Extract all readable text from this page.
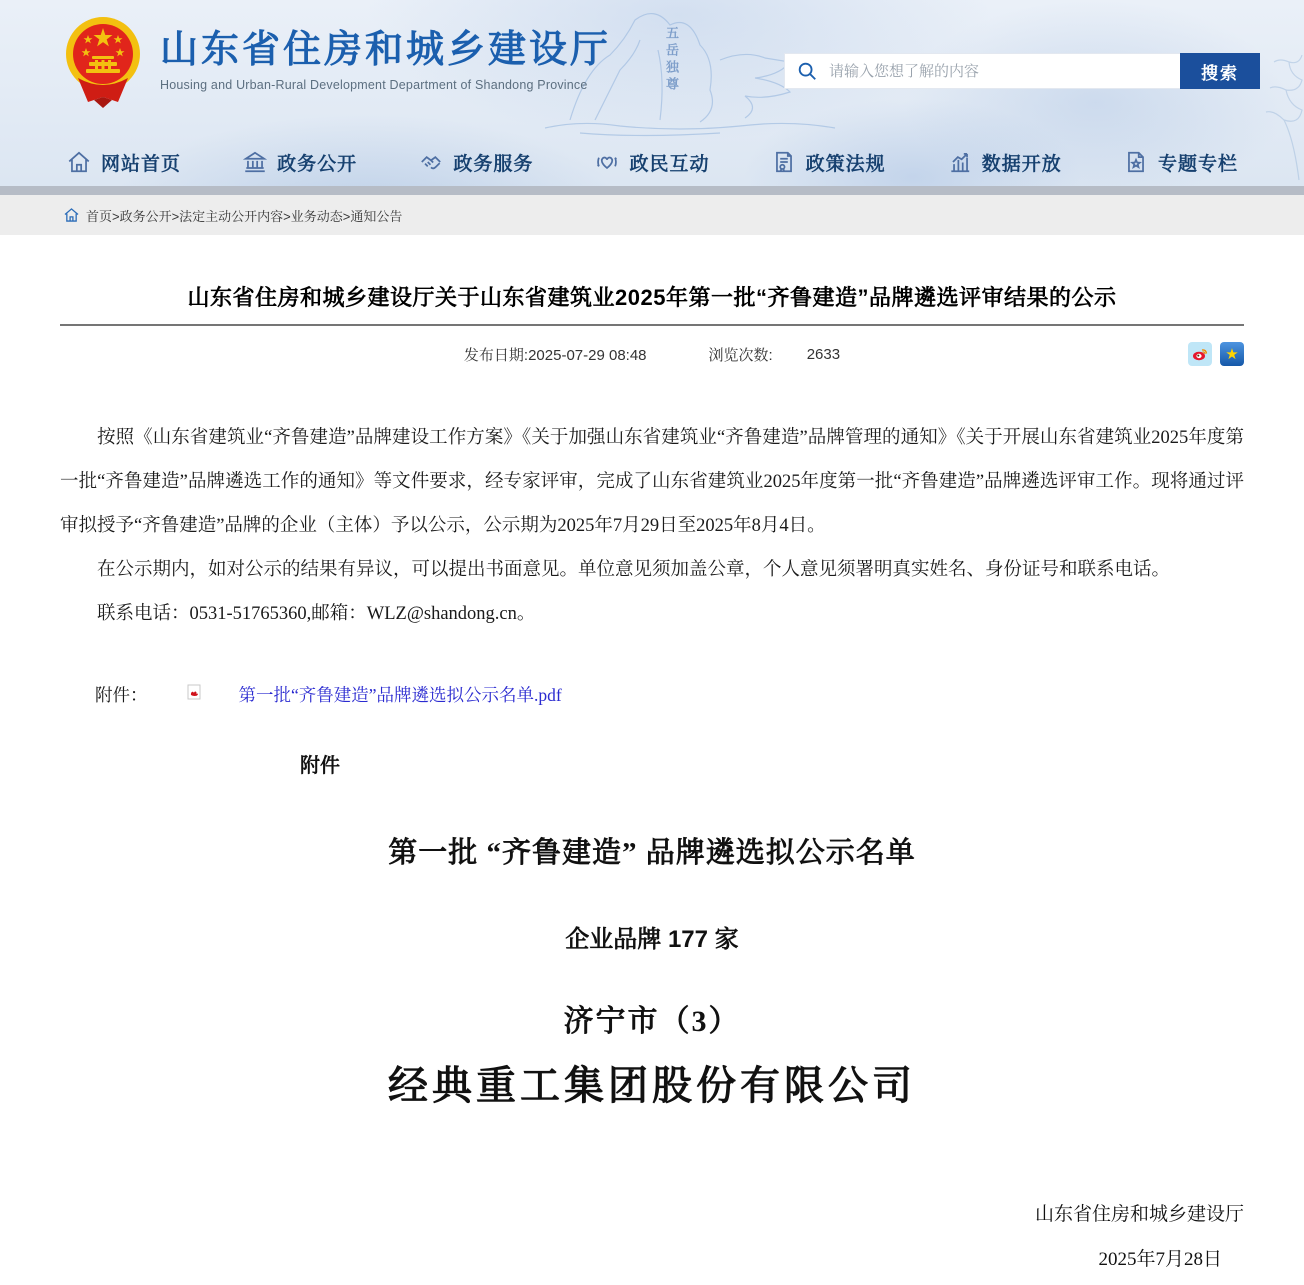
五岳独尊
山东省住房和城乡建设厅
Housing and Urban-Rural Development Department of Shandong Province
请输入您想了解的内容
搜索
网站首页	政务公开	政务服务	政民互动	政策法规	数据开放	专题专栏
首页>政务公开>法定主动公开内容>业务动态>通知公告
山东省住房和城乡建设厅关于山东省建筑业2025年第一批“齐鲁建造”品牌遴选评审结果的公示
发布日期:2025-07-29 08:48	浏览次数: 2633	★

按照《山东省建筑业“齐鲁建造”品牌建设工作方案》《关于加强山东省建筑业“齐鲁建造”品牌管理的通知》《关于开展山东省建筑业2025年度第一批“齐鲁建造”品牌遴选工作的通知》等文件要求，经专家评审，完成了山东省建筑业2025年度第一批“齐鲁建造”品牌遴选评审工作。现将通过评审拟授予“齐鲁建造”品牌的企业（主体）予以公示，公示期为2025年7月29日至2025年8月4日。

在公示期内，如对公示的结果有异议，可以提出书面意见。单位意见须加盖公章，个人意见须署明真实姓名、身份证号和联系电话。

联系电话：0531-51765360,邮箱：WLZ@shandong.cn。

附件：	第一批“齐鲁建造”品牌遴选拟公示名单.pdf
附件
第一批 “齐鲁建造” 品牌遴选拟公示名单
企业品牌 177 家
济宁市（3）
经典重工集团股份有限公司
山东省住房和城乡建设厅
2025年7月28日
